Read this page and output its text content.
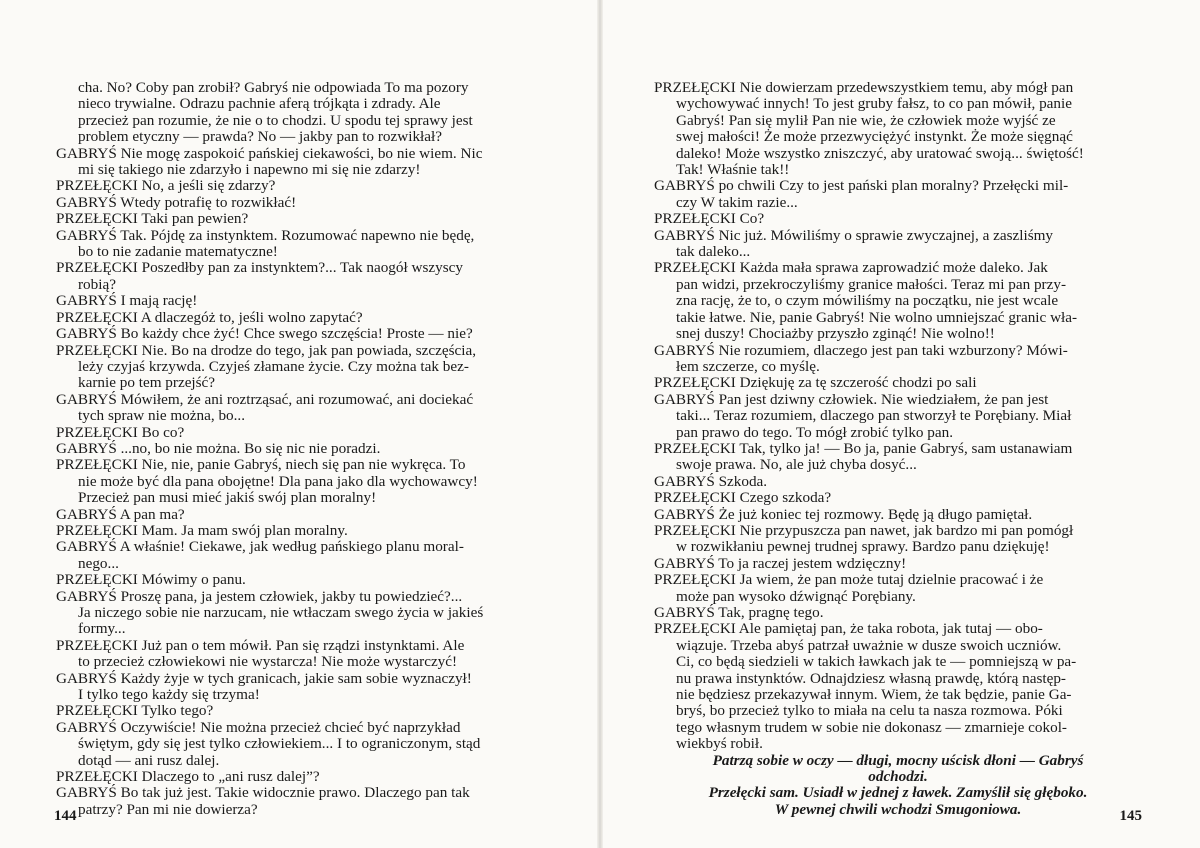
cha. No? Coby pan zrobił? Gabryś nie odpowiada To ma pozory
nieco trywialne. Odrazu pachnie aferą trójkąta i zdrady. Ale
przecież pan rozumie, że nie o to chodzi. U spodu tej sprawy jest
problem etyczny — prawda? No — jakby pan to rozwikłał?
GABRYŚ Nie mogę zaspokoić pańskiej ciekawości, bo nie wiem. Nic
mi się takiego nie zdarzyło i napewno mi się nie zdarzy!
PRZEŁĘCKI No, a jeśli się zdarzy?
GABRYŚ Wtedy potrafię to rozwikłać!
PRZEŁĘCKI Taki pan pewien?
GABRYŚ Tak. Pójdę za instynktem. Rozumować napewno nie będę,
bo to nie zadanie matematyczne!
PRZEŁĘCKI Poszedłby pan za instynktem?... Tak naogół wszyscy
robią?
GABRYŚ I mają rację!
PRZEŁĘCKI A dlaczegóż to, jeśli wolno zapytać?
GABRYŚ Bo każdy chce żyć! Chce swego szczęścia! Proste — nie?
PRZEŁĘCKI Nie. Bo na drodze do tego, jak pan powiada, szczęścia,
leży czyjaś krzywda. Czyjeś złamane życie. Czy można tak bez-
karnie po tem przejść?
GABRYŚ Mówiłem, że ani roztrząsać, ani rozumować, ani dociekać
tych spraw nie można, bo...
PRZEŁĘCKI Bo co?
GABRYŚ ...no, bo nie można. Bo się nic nie poradzi.
PRZEŁĘCKI Nie, nie, panie Gabryś, niech się pan nie wykręca. To
nie może być dla pana obojętne! Dla pana jako dla wychowawcy!
Przecież pan musi mieć jakiś swój plan moralny!
GABRYŚ A pan ma?
PRZEŁĘCKI Mam. Ja mam swój plan moralny.
GABRYŚ A właśnie! Ciekawe, jak według pańskiego planu moral-
nego...
PRZEŁĘCKI Mówimy o panu.
GABRYŚ Proszę pana, ja jestem człowiek, jakby tu powiedzieć?...
Ja niczego sobie nie narzucam, nie wtłaczam swego życia w jakieś
formy...
PRZEŁĘCKI Już pan o tem mówił. Pan się rządzi instynktami. Ale
to przecież człowiekowi nie wystarcza! Nie może wystarczyć!
GABRYŚ Każdy żyje w tych granicach, jakie sam sobie wyznaczył!
I tylko tego każdy się trzyma!
PRZEŁĘCKI Tylko tego?
GABRYŚ Oczywiście! Nie można przecież chcieć być naprzykład
świętym, gdy się jest tylko człowiekiem... I to ograniczonym, stąd
dotąd — ani rusz dalej.
PRZEŁĘCKI Dlaczego to „ani rusz dalej”?
GABRYŚ Bo tak już jest. Takie widocznie prawo. Dlaczego pan tak
patrzy? Pan mi nie dowierza?
144
PRZEŁĘCKI Nie dowierzam przedewszystkiem temu, aby mógł pan
wychowywać innych! To jest gruby fałsz, to co pan mówił, panie
Gabryś! Pan się mylił Pan nie wie, że człowiek może wyjść ze
swej małości! Że może przezwyciężyć instynkt. Że może sięgnąć
daleko! Może wszystko zniszczyć, aby uratować swoją... świętość!
Tak! Właśnie tak!!
GABRYŚ po chwili Czy to jest pański plan moralny? Przełęcki mil-
czy W takim razie...
PRZEŁĘCKI Co?
GABRYŚ Nic już. Mówiliśmy o sprawie zwyczajnej, a zaszliśmy
tak daleko...
PRZEŁĘCKI Każda mała sprawa zaprowadzić może daleko. Jak
pan widzi, przekroczyliśmy granice małości. Teraz mi pan przy-
zna rację, że to, o czym mówiliśmy na początku, nie jest wcale
takie łatwe. Nie, panie Gabryś! Nie wolno umniejszać granic wła-
snej duszy! Chociażby przyszło zginąć! Nie wolno!!
GABRYŚ Nie rozumiem, dlaczego jest pan taki wzburzony? Mówi-
łem szczerze, co myślę.
PRZEŁĘCKI Dziękuję za tę szczerość chodzi po sali
GABRYŚ Pan jest dziwny człowiek. Nie wiedziałem, że pan jest
taki... Teraz rozumiem, dlaczego pan stworzył te Porębiany. Miał
pan prawo do tego. To mógł zrobić tylko pan.
PRZEŁĘCKI Tak, tylko ja! — Bo ja, panie Gabryś, sam ustanawiam
swoje prawa. No, ale już chyba dosyć...
GABRYŚ Szkoda.
PRZEŁĘCKI Czego szkoda?
GABRYŚ Że już koniec tej rozmowy. Będę ją długo pamiętał.
PRZEŁĘCKI Nie przypuszcza pan nawet, jak bardzo mi pan pomógł
w rozwikłaniu pewnej trudnej sprawy. Bardzo panu dziękuję!
GABRYŚ To ja raczej jestem wdzięczny!
PRZEŁĘCKI Ja wiem, że pan może tutaj dzielnie pracować i że
może pan wysoko dźwignąć Porębiany.
GABRYŚ Tak, pragnę tego.
PRZEŁĘCKI Ale pamiętaj pan, że taka robota, jak tutaj — obo-
wiązuje. Trzeba abyś patrzał uważnie w dusze swoich uczniów.
Ci, co będą siedzieli w takich ławkach jak te — pomniejszą w pa-
nu prawa instynktów. Odnajdziesz własną prawdę, którą następ-
nie będziesz przekazywał innym. Wiem, że tak będzie, panie Ga-
bryś, bo przecież tylko to miała na celu ta nasza rozmowa. Póki
tego własnym trudem w sobie nie dokonasz — zmarnieje cokol-
wiekbyś robił.
Patrzą sobie w oczy — długi, mocny uścisk dłoni — Gabryś
odchodzi.
Przełęcki sam. Usiadł w jednej z ławek. Zamyślił się głęboko.
W pewnej chwili wchodzi Smugoniowa.	145
